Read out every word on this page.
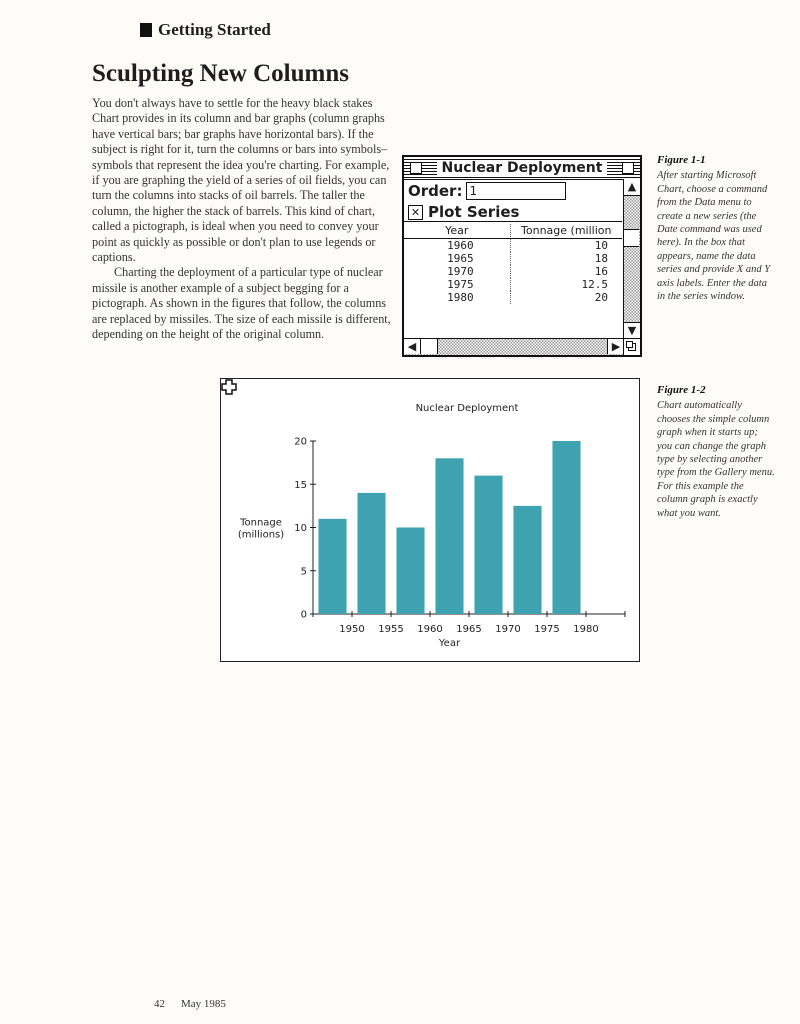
Getting Started
Sculpting New Columns

You don't always have to settle for the heavy black stakes Chart provides in its column and bar graphs (column graphs have vertical bars; bar graphs have horizontal bars). If the subject is right for it, turn the columns or bars into symbols–symbols that represent the idea you're charting. For example, if you are graphing the yield of a series of oil fields, you can turn the columns into stacks of oil barrels. The taller the column, the higher the stack of barrels. This kind of chart, called a pictograph, is ideal when you need to convey your point as quickly as possible or don't plan to use legends or captions.

Charting the deployment of a particular type of nuclear missile is another example of a subject begging for a pictograph. As shown in the figures that follow, the columns are replaced by missiles. The size of each missile is different, depending on the height of the original column.

Nuclear Deployment
Order: 1
✕ Plot Series
Year	Tonnage (million
1960	10
1965	18
1970	16
1975	12.5
1980	20
▲
▼
◀	▶
Figure 1-1
After starting Microsoft Chart, choose a command from the Data menu to create a new series (the Date command was used here). In the box that appears, name the data series and provide X and Y axis labels. Enter the data in the series window.
Nuclear Deployment
0
5
10
15
20
Tonnage
(millions)
1950 1955 1960 1965 1970 1975 1980
Year
Figure 1-2
Chart automatically chooses the simple column graph when it starts up; you can change the graph type by selecting another type from the Gallery menu. For this example the column graph is exactly what you want.
42 May 1985
